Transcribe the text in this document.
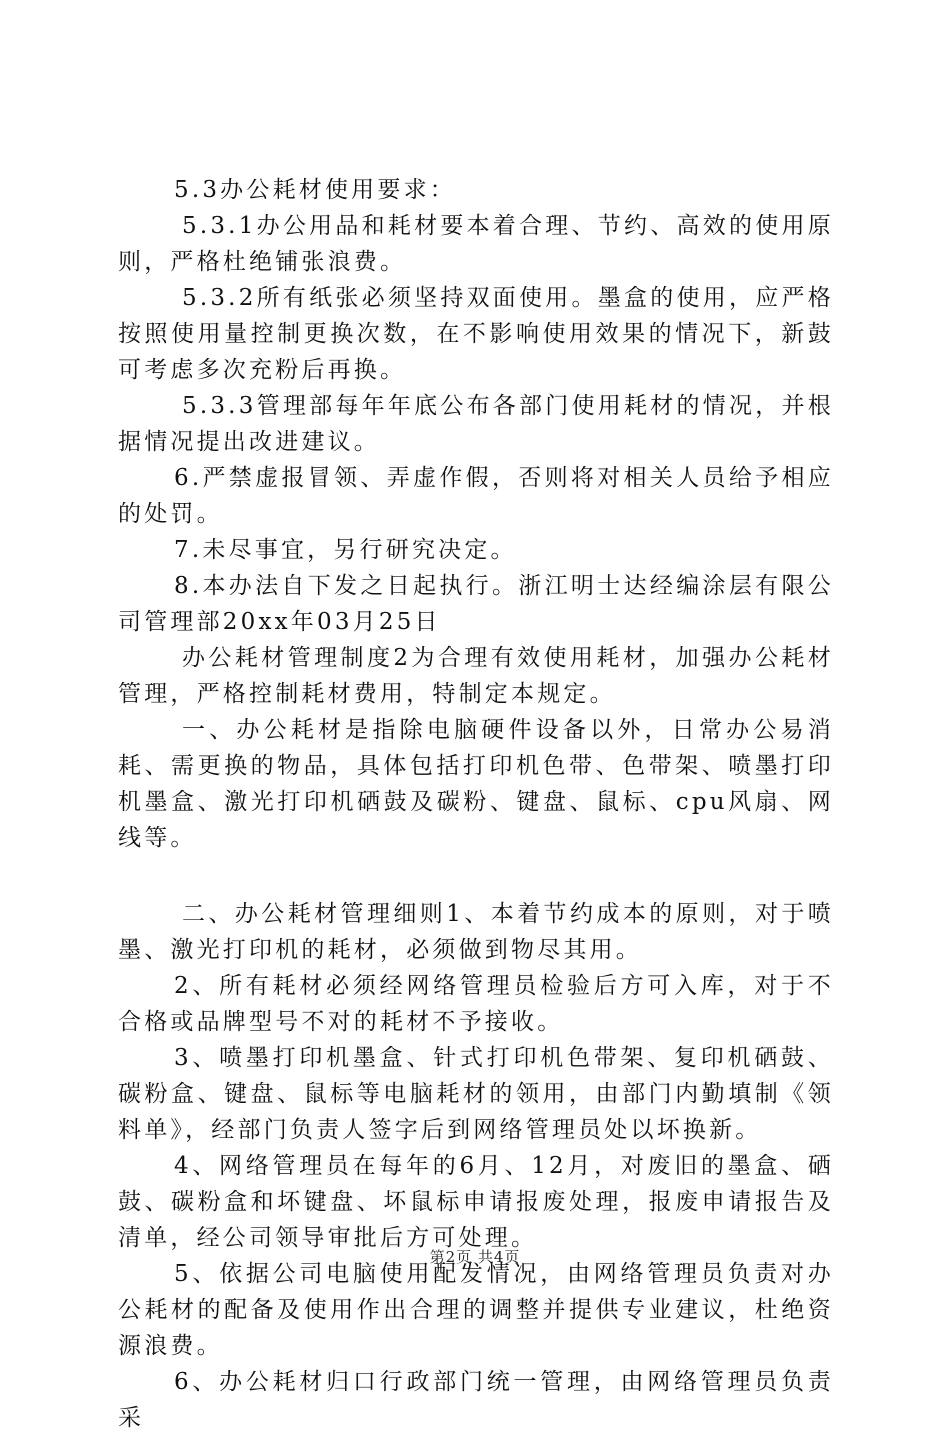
5.3办公耗材使用要求：

5.3.1办公用品和耗材要本着合理、节约、高效的使用原则，严格杜绝铺张浪费。

5.3.2所有纸张必须坚持双面使用。墨盒的使用，应严格按照使用量控制更换次数，在不影响使用效果的情况下，新鼓可考虑多次充粉后再换。

5.3.3管理部每年年底公布各部门使用耗材的情况，并根据情况提出改进建议。

6.严禁虚报冒领、弄虚作假，否则将对相关人员给予相应的处罚。

7.未尽事宜，另行研究决定。

8.本办法自下发之日起执行。浙江明士达经编涂层有限公司管理部20xx年03月25日

办公耗材管理制度2为合理有效使用耗材，加强办公耗材管理，严格控制耗材费用，特制定本规定。

一、办公耗材是指除电脑硬件设备以外，日常办公易消耗、需更换的物品，具体包括打印机色带、色带架、喷墨打印机墨盒、激光打印机硒鼓及碳粉、键盘、鼠标、cpu风扇、网线等。

二、办公耗材管理细则1、本着节约成本的原则，对于喷墨、激光打印机的耗材，必须做到物尽其用。

2、所有耗材必须经网络管理员检验后方可入库，对于不合格或品牌型号不对的耗材不予接收。

3、喷墨打印机墨盒、针式打印机色带架、复印机硒鼓、碳粉盒、键盘、鼠标等电脑耗材的领用，由部门内勤填制《领料单》，经部门负责人签字后到网络管理员处以坏换新。

4、网络管理员在每年的6月、12月，对废旧的墨盒、硒鼓、碳粉盒和坏键盘、坏鼠标申请报废处理，报废申请报告及清单，经公司领导审批后方可处理。

5、依据公司电脑使用配发情况，由网络管理员负责对办公耗材的配备及使用作出合理的调整并提供专业建议，杜绝资源浪费。

6、办公耗材归口行政部门统一管理，由网络管理员负责采

第2页 共4页
